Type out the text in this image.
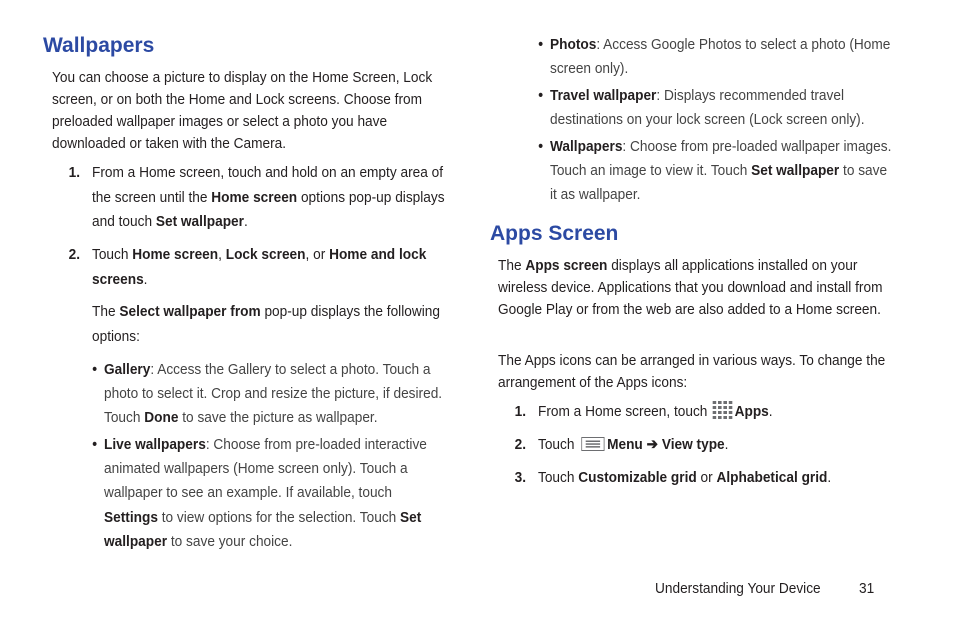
Wallpapers

You can choose a picture to display on the Home Screen, Lock screen, or on both the Home and Lock screens. Choose from preloaded wallpaper images or select a photo you have downloaded or taken with the Camera.

1. From a Home screen, touch and hold on an empty area of the screen until the Home screen options pop-up displays and touch Set wallpaper.
2. Touch Home screen, Lock screen, or Home and lock screens.
The Select wallpaper from pop-up displays the following options:
• Gallery: Access the Gallery to select a photo. Touch a photo to select it. Crop and resize the picture, if desired. Touch Done to save the picture as wallpaper.
• Live wallpapers: Choose from pre-loaded interactive animated wallpapers (Home screen only). Touch a wallpaper to see an example. If available, touch Settings to view options for the selection. Touch Set wallpaper to save your choice.
• Photos: Access Google Photos to select a photo (Home screen only).
• Travel wallpaper: Displays recommended travel destinations on your lock screen (Lock screen only).
• Wallpapers: Choose from pre-loaded wallpaper images. Touch an image to view it. Touch Set wallpaper to save it as wallpaper.
Apps Screen

The Apps screen displays all applications installed on your wireless device. Applications that you download and install from Google Play or from the web are also added to a Home screen.

The Apps icons can be arranged in various ways. To change the arrangement of the Apps icons:

1. From a Home screen, touch Apps.
2. Touch Menu ➔ View type.
3. Touch Customizable grid or Alphabetical grid.
Understanding Your Device	31
